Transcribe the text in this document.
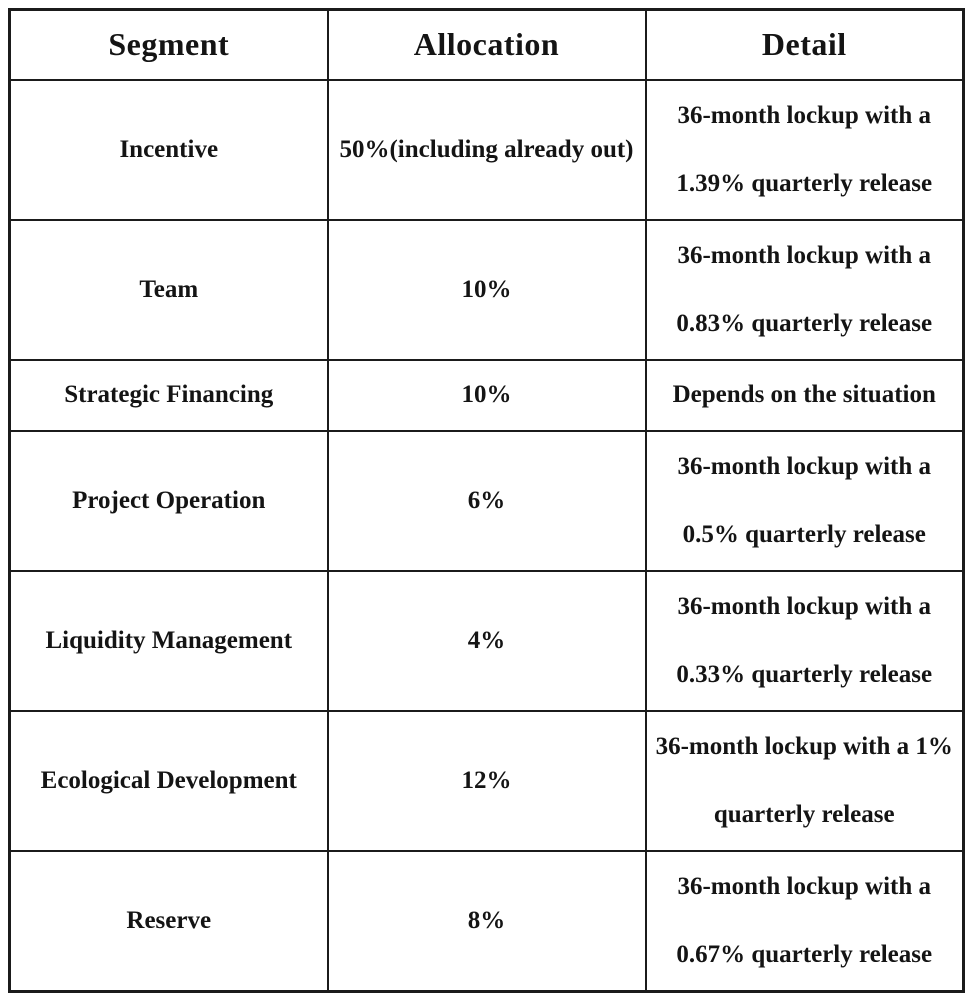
Segment	Allocation	Detail
Incentive	50%(including already out)	36-month lockup with a
1.39% quarterly release

Team	10%	36-month lockup with a
0.83% quarterly release

Strategic Financing	10%	Depends on the situation
Project Operation	6%	36-month lockup with a
0.5% quarterly release

Liquidity Management	4%	36-month lockup with a
0.33% quarterly release

Ecological Development	12%	36-month lockup with a 1%
quarterly release

Reserve	8%	36-month lockup with a
0.67% quarterly release
